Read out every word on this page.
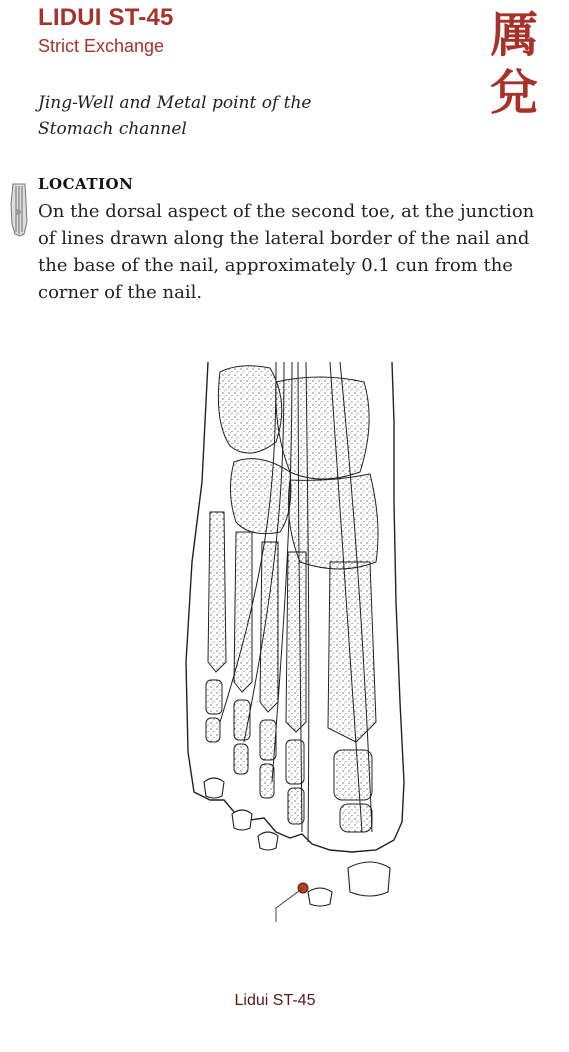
LIDUI ST-45
Strict Exchange	厲兌
Jing-Well and Metal point of the Stomach channel
LOCATION
On the dorsal aspect of the second toe, at the junction of lines drawn along the lateral border of the nail and the base of the nail, approximately 0.1 cun from the corner of the nail.
Lidui ST-45
